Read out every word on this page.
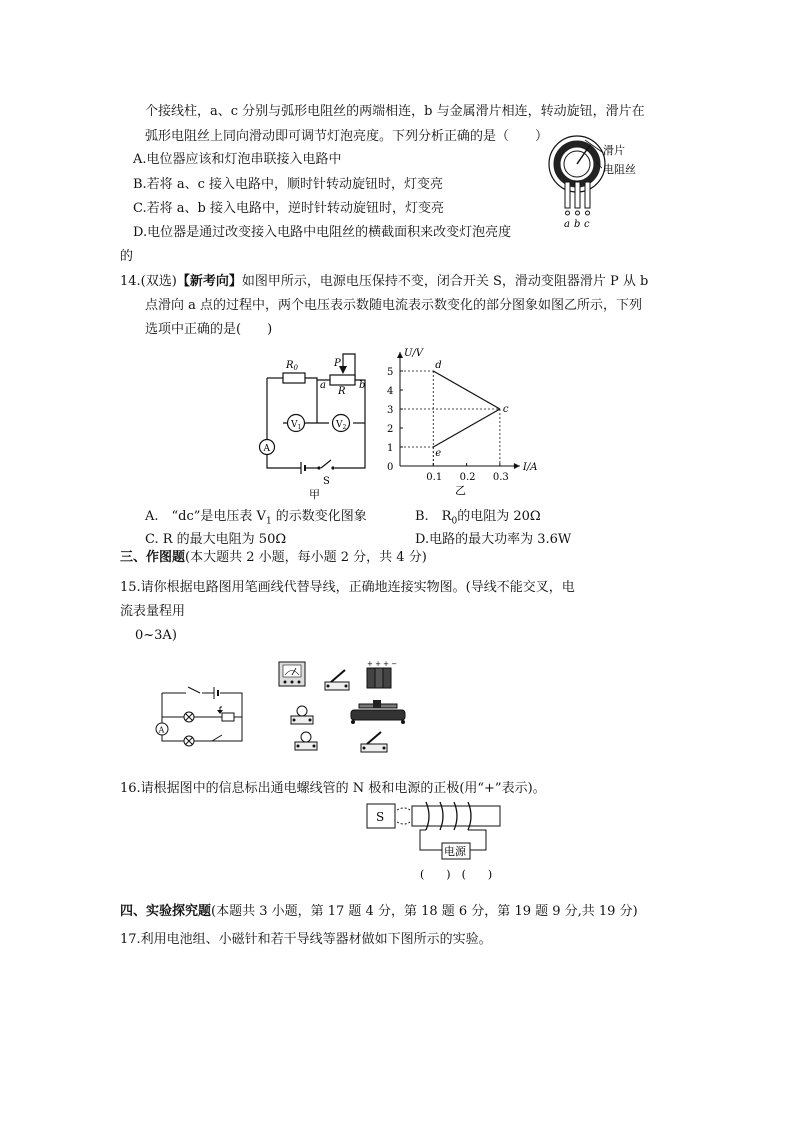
个接线柱，a、c 分别与弧形电阻丝的两端相连，b 与金属滑片相连，转动旋钮，滑片在
弧形电阻丝上同向滑动即可调节灯泡亮度。下列分析正确的是（　　）
A.电位器应该和灯泡串联接入电路中
B.若将 a、c 接入电路中，顺时针转动旋钮时，灯变亮
C.若将 a、b 接入电路中，逆时针转动旋钮时，灯变亮
D.电位器是通过改变接入电路中电阻丝的横截面积来改变灯泡亮度
的
滑片
电阻丝
a b c
14.(双选)【新考向】如图甲所示，电源电压保持不变，闭合开关 S，滑动变阻器滑片 P 从 b
点滑向 a 点的过程中，两个电压表示数随电流表示数变化的部分图象如图乙所示，下列
选项中正确的是(　　)
$R_0$	P
a
R
b
$V_1$	$V_2$
A
S
甲
I/A
U/V
0
1
2
3
4
5
0.1 0.2 0.3
d
e
c
乙
A.　“dc”是电压表 $V_1$ 的示数变化图象	B.　$R_0$的电阻为 20Ω
C. R 的最大电阻为 50Ω	D.电路的最大功率为 3.6W
三、作图题(本大题共 2 小题，每小题 2 分，共 4 分)
15.请你根据电路图用笔画线代替导线，正确地连接实物图。(导线不能交叉，电
流表量程用
0~3A)
A
+ + + −
16.请根据图中的信息标出通电螺线管的 N 极和电源的正极(用“+”表示)。
S
电源
(　　)　(　　)
四、实验探究题(本题共 3 小题，第 17 题 4 分，第 18 题 6 分，第 19 题 9 分,共 19 分)
17.利用电池组、小磁针和若干导线等器材做如下图所示的实验。
